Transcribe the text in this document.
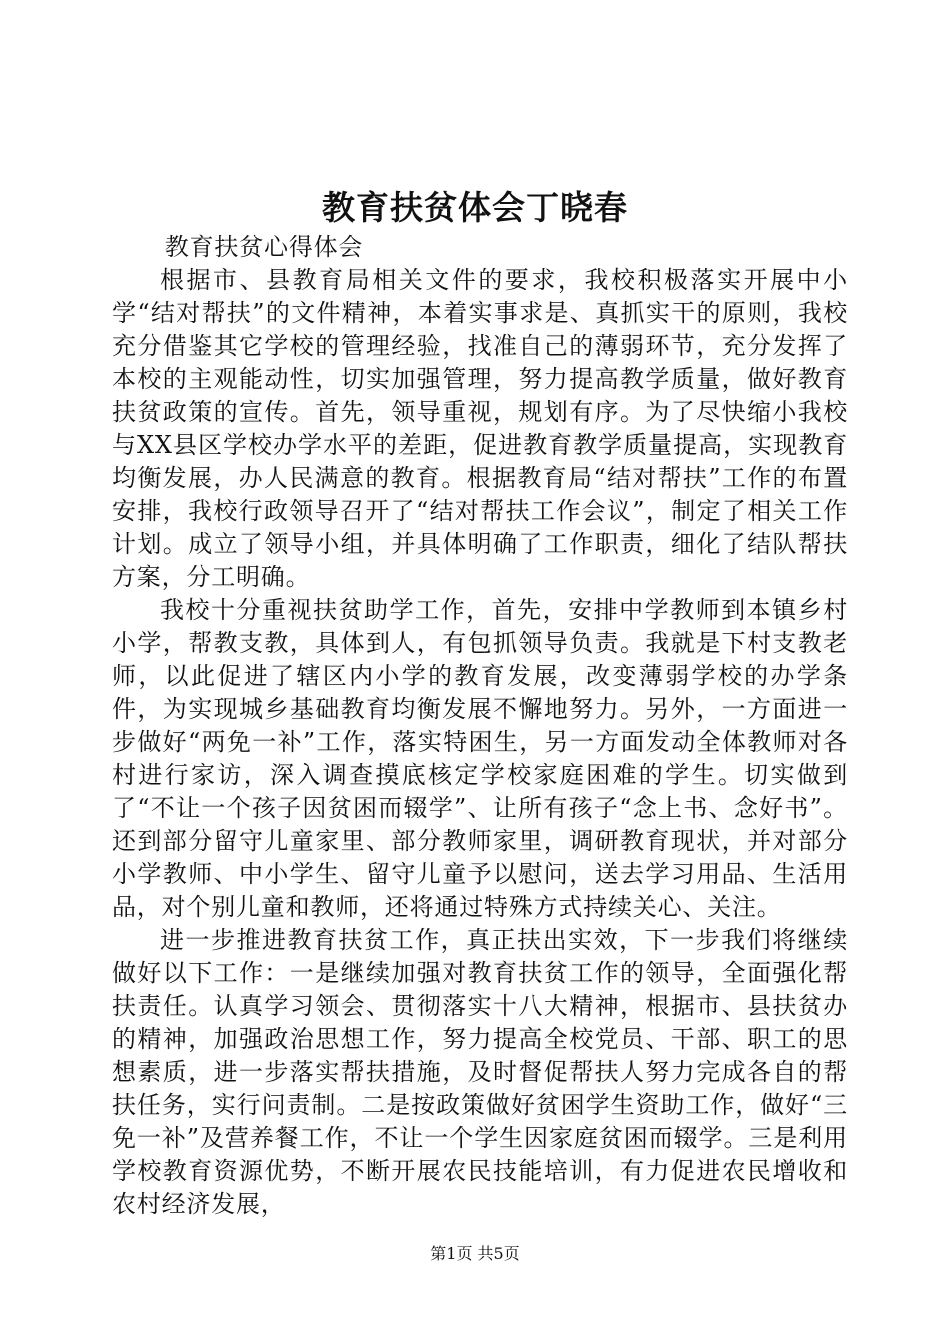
教育扶贫体会丁晓春

教育扶贫心得体会

根据市、县教育局相关文件的要求，我校积极落实开展中小学“结对帮扶”的文件精神，本着实事求是、真抓实干的原则，我校充分借鉴其它学校的管理经验，找准自己的薄弱环节，充分发挥了本校的主观能动性，切实加强管理，努力提高教学质量，做好教育扶贫政策的宣传。首先，领导重视，规划有序。为了尽快缩小我校与XX县区学校办学水平的差距，促进教育教学质量提高，实现教育均衡发展，办人民满意的教育。根据教育局“结对帮扶”工作的布置安排，我校行政领导召开了“结对帮扶工作会议”，制定了相关工作计划。成立了领导小组，并具体明确了工作职责，细化了结队帮扶方案，分工明确。

我校十分重视扶贫助学工作，首先，安排中学教师到本镇乡村小学，帮教支教，具体到人，有包抓领导负责。我就是下村支教老师，以此促进了辖区内小学的教育发展，改变薄弱学校的办学条件，为实现城乡基础教育均衡发展不懈地努力。另外，一方面进一步做好“两免一补”工作，落实特困生，另一方面发动全体教师对各村进行家访，深入调查摸底核定学校家庭困难的学生。切实做到了“不让一个孩子因贫困而辍学”、让所有孩子“念上书、念好书”。还到部分留守儿童家里、部分教师家里，调研教育现状，并对部分小学教师、中小学生、留守儿童予以慰问，送去学习用品、生活用品，对个别儿童和教师，还将通过特殊方式持续关心、关注。

进一步推进教育扶贫工作，真正扶出实效，下一步我们将继续做好以下工作：一是继续加强对教育扶贫工作的领导，全面强化帮扶责任。认真学习领会、贯彻落实十八大精神，根据市、县扶贫办的精神，加强政治思想工作，努力提高全校党员、干部、职工的思想素质，进一步落实帮扶措施，及时督促帮扶人努力完成各自的帮扶任务，实行问责制。二是按政策做好贫困学生资助工作，做好“三免一补”及营养餐工作，不让一个学生因家庭贫困而辍学。三是利用学校教育资源优势，不断开展农民技能培训，有力促进农民增收和农村经济发展，

第1页 共5页
